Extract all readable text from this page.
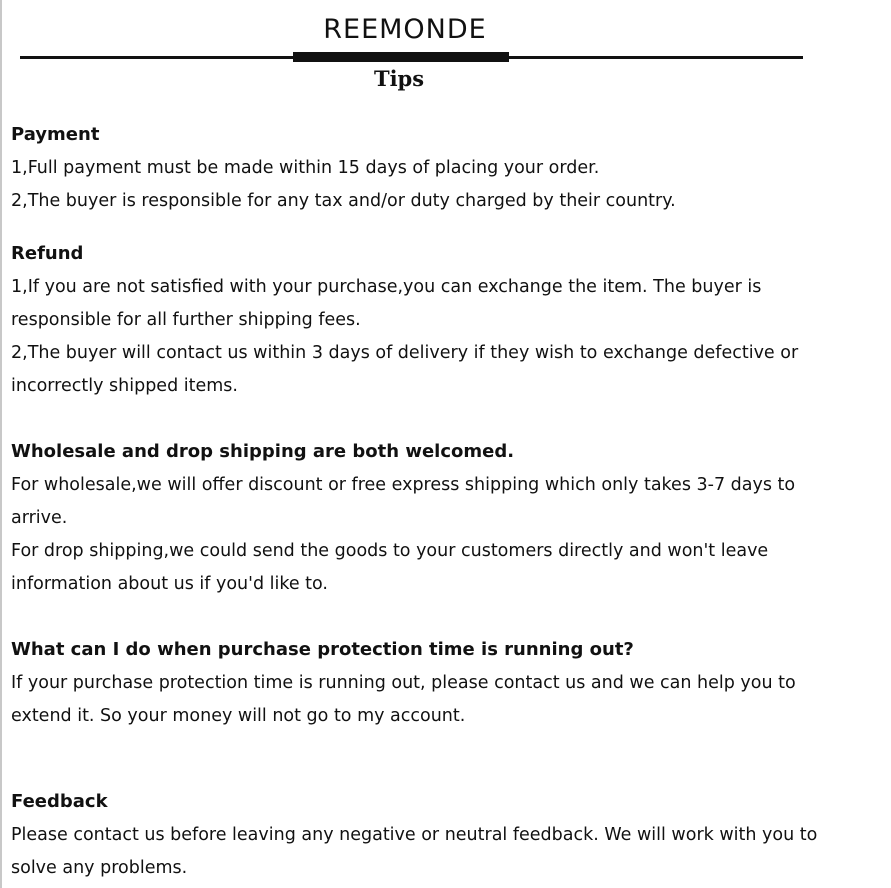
REEMONDE
Tips
Payment
1,Full payment must be made within 15 days of placing your order.
2,The buyer is responsible for any tax and/or duty charged by their country.
Refund
1,If you are not satisfied with your purchase,you can exchange the item. The buyer is
responsible for all further shipping fees.
2,The buyer will contact us within 3 days of delivery if they wish to exchange defective or
incorrectly shipped items.
Wholesale and drop shipping are both welcomed.
For wholesale,we will offer discount or free express shipping which only takes 3-7 days to
arrive.
For drop shipping,we could send the goods to your customers directly and won't leave
information about us if you'd like to.
What can I do when purchase protection time is running out?
If your purchase protection time is running out, please contact us and we can help you to
extend it. So your money will not go to my account.
Feedback
Please contact us before leaving any negative or neutral feedback. We will work with you to
solve any problems.
